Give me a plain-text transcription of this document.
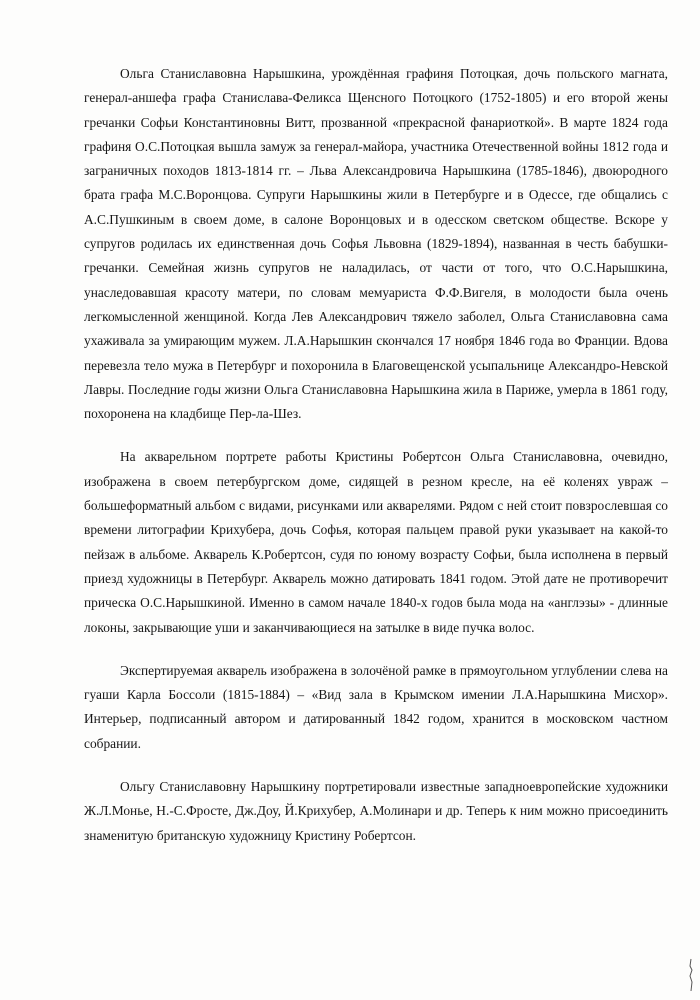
Ольга Станиславовна Нарышкина, урождённая графиня Потоцкая, дочь польского магната, генерал-аншефа графа Станислава-Феликса Щенсного Потоцкого (1752-1805) и его второй жены гречанки Софьи Константиновны Витт, прозванной «прекрасной фанариоткой». В марте 1824 года графиня О.С.Потоцкая вышла замуж за генерал-майора, участника Отечественной войны 1812 года и заграничных походов 1813-1814 гг. – Льва Александровича Нарышкина (1785-1846), двоюродного брата графа М.С.Воронцова. Супруги Нарышкины жили в Петербурге и в Одессе, где общались с А.С.Пушкиным в своем доме, в салоне Воронцовых и в одесском светском обществе. Вскоре у супругов родилась их единственная дочь Софья Львовна (1829-1894), названная в честь бабушки-гречанки. Семейная жизнь супругов не наладилась, от части от того, что О.С.Нарышкина, унаследовавшая красоту матери, по словам мемуариста Ф.Ф.Вигеля, в молодости была очень легкомысленной женщиной. Когда Лев Александрович тяжело заболел, Ольга Станиславовна сама ухаживала за умирающим мужем. Л.А.Нарышкин скончался 17 ноября 1846 года во Франции. Вдова перевезла тело мужа в Петербург и похоронила в Благовещенской усыпальнице Александро-Невской Лавры. Последние годы жизни Ольга Станиславовна Нарышкина жила в Париже, умерла в 1861 году, похоронена на кладбище Пер-ла-Шез.

На акварельном портрете работы Кристины Робертсон Ольга Станиславовна, очевидно, изображена в своем петербургском доме, сидящей в резном кресле, на её коленях увраж – большеформатный альбом с видами, рисунками или акварелями. Рядом с ней стоит повзрослевшая со времени литографии Крихубера, дочь Софья, которая пальцем правой руки указывает на какой-то пейзаж в альбоме. Акварель К.Робертсон, судя по юному возрасту Софьи, была исполнена в первый приезд художницы в Петербург. Акварель можно датировать 1841 годом. Этой дате не противоречит прическа О.С.Нарышкиной. Именно в самом начале 1840-х годов была мода на «англэзы» - длинные локоны, закрывающие уши и заканчивающиеся на затылке в виде пучка волос.

Экспертируемая акварель изображена в золочёной рамке в прямоугольном углублении слева на гуаши Карла Боссоли (1815-1884) – «Вид зала в Крымском имении Л.А.Нарышкина Мисхор». Интерьер, подписанный автором и датированный 1842 годом, хранится в московском частном собрании.

Ольгу Станиславовну Нарышкину портретировали известные западноевропейские художники Ж.Л.Монье, Н.-С.Фросте, Дж.Доу, Й.Крихубер, А.Молинари и др. Теперь к ним можно присоединить знаменитую британскую художницу Кристину Робертсон.
